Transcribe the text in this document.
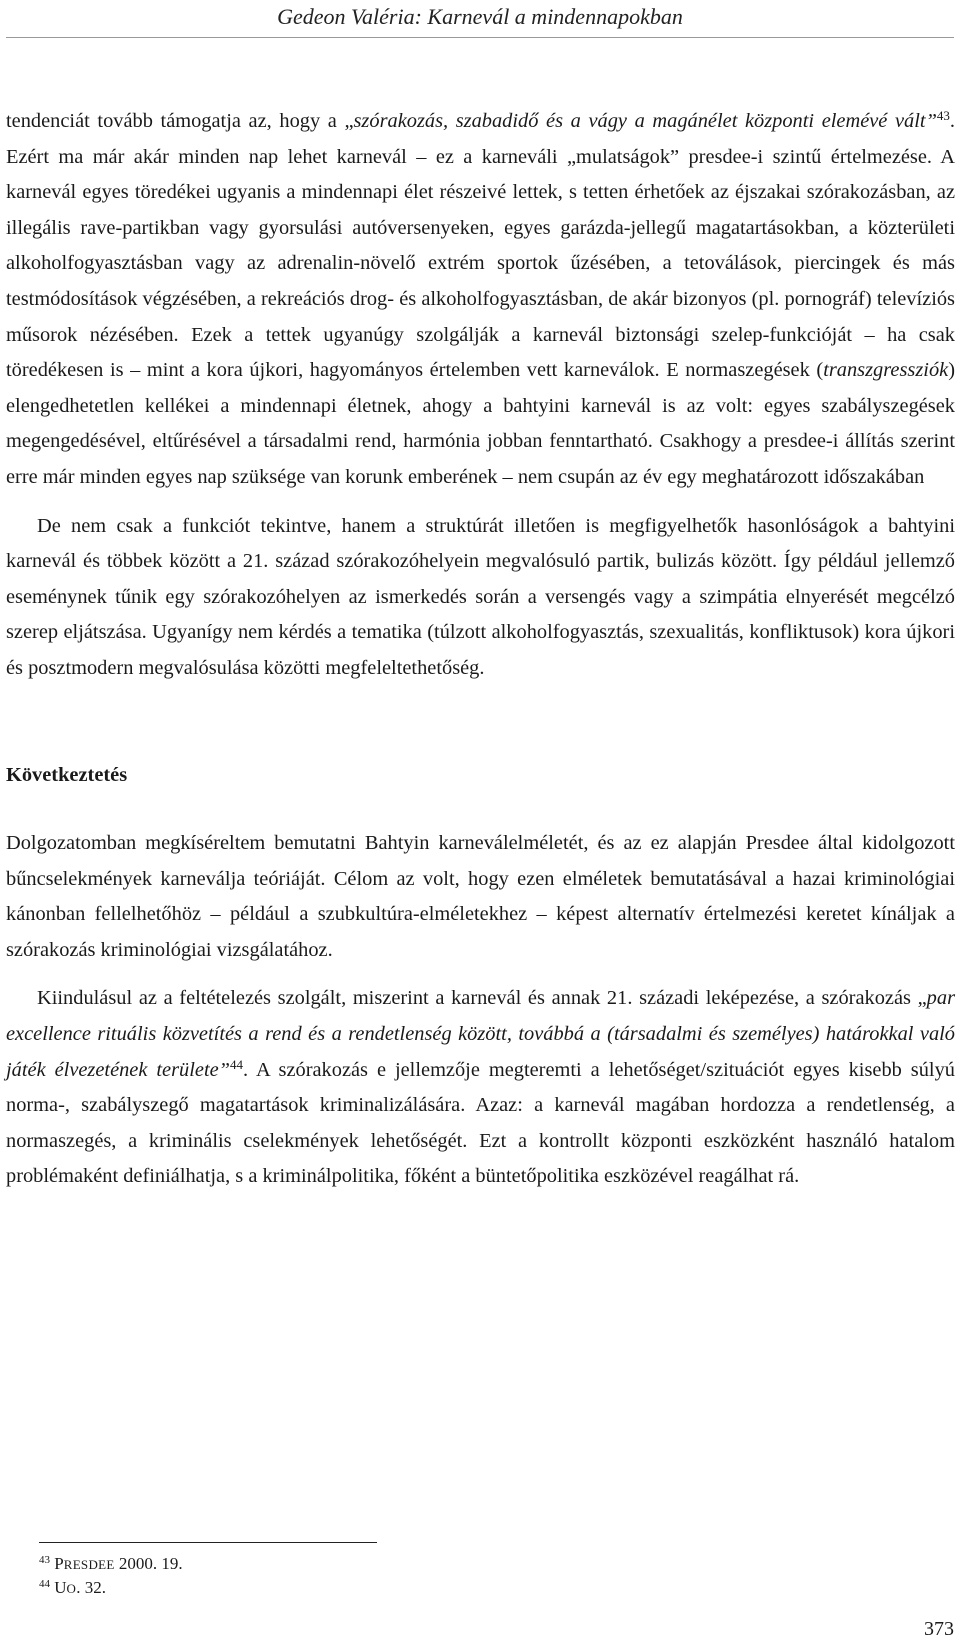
Gedeon Valéria: Karnevál a mindennapokban

tendenciát tovább támogatja az, hogy a „szórakozás, szabadidő és a vágy a magánélet központi elemévé vált”$^{43}$. Ezért ma már akár minden nap lehet karnevál – ez a karneváli „mulatságok” presdee-i szintű értelmezése. A karnevál egyes töredékei ugyanis a mindennapi élet részeivé lettek, s tetten érhetőek az éjszakai szórakozásban, az illegális rave-partikban vagy gyorsulási autóversenyeken, egyes garázda-jellegű magatartásokban, a közterületi alkoholfogyasztásban vagy az adrenalin-növelő extrém sportok űzésében, a tetoválások, piercingek és más testmódosítások végzésében, a rekreációs drog- és alkoholfogyasztásban, de akár bizonyos (pl. pornográf) televíziós műsorok nézésében. Ezek a tettek ugyanúgy szolgálják a karnevál biztonsági szelep-funkcióját – ha csak töredékesen is – mint a kora újkori, hagyományos értelemben vett karneválok. E normaszegések (transzgressziók) elengedhetetlen kellékei a mindennapi életnek, ahogy a bahtyini karnevál is az volt: egyes szabályszegések megengedésével, eltűrésével a társadalmi rend, harmónia jobban fenntartható. Csakhogy a presdee-i állítás szerint erre már minden egyes nap szüksége van korunk emberének – nem csupán az év egy meghatározott időszakában

De nem csak a funkciót tekintve, hanem a struktúrát illetően is megfigyelhetők hasonlóságok a bahtyini karnevál és többek között a 21. század szórakozóhelyein megvalósuló partik, bulizás között. Így például jellemző eseménynek tűnik egy szórakozóhelyen az ismerkedés során a versengés vagy a szimpátia elnyerését megcélzó szerep eljátszása. Ugyanígy nem kérdés a tematika (túlzott alkoholfogyasztás, szexualitás, konfliktusok) kora újkori és posztmodern megvalósulása közötti megfeleltethetőség.

Következtetés

Dolgozatomban megkíséreltem bemutatni Bahtyin karneválelméletét, és az ez alapján Presdee által kidolgozott bűncselekmények karneválja teóriáját. Célom az volt, hogy ezen elméletek bemutatásával a hazai kriminológiai kánonban fellelhetőhöz – például a szubkultúra-elméletekhez – képest alternatív értelmezési keretet kínáljak a szórakozás kriminológiai vizsgálatához.

Kiindulásul az a feltételezés szolgált, miszerint a karnevál és annak 21. századi leképezése, a szórakozás „par excellence rituális közvetítés a rend és a rendetlenség között, továbbá a (társadalmi és személyes) határokkal való játék élvezetének területe”$^{44}$. A szórakozás e jellemzője megteremti a lehetőséget/szituációt egyes kisebb súlyú norma-, szabályszegő magatartások kriminalizálására. Azaz: a karnevál magában hordozza a rendetlenség, a normaszegés, a kriminális cselekmények lehetőségét. Ezt a kontrollt központi eszközként használó hatalom problémaként definiálhatja, s a kriminálpolitika, főként a büntetőpolitika eszközével reagálhat rá.

$^{43}$ PRESDEE 2000. 19.
$^{44}$ UO. 32.
373
